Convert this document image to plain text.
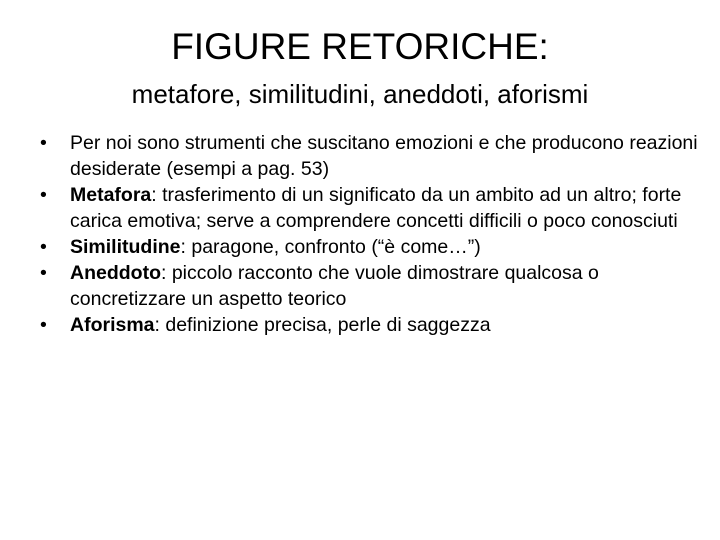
FIGURE RETORICHE:
metafore, similitudini, aneddoti, aforismi
• Per noi sono strumenti che suscitano emozioni e che producono reazioni desiderate (esempi a pag. 53)
• Metafora: trasferimento di un significato da un ambito ad un altro; forte carica emotiva; serve a comprendere concetti difficili o poco conosciuti
• Similitudine: paragone, confronto (“è come…”)
• Aneddoto: piccolo racconto che vuole dimostrare qualcosa o concretizzare un aspetto teorico
• Aforisma: definizione precisa, perle di saggezza
